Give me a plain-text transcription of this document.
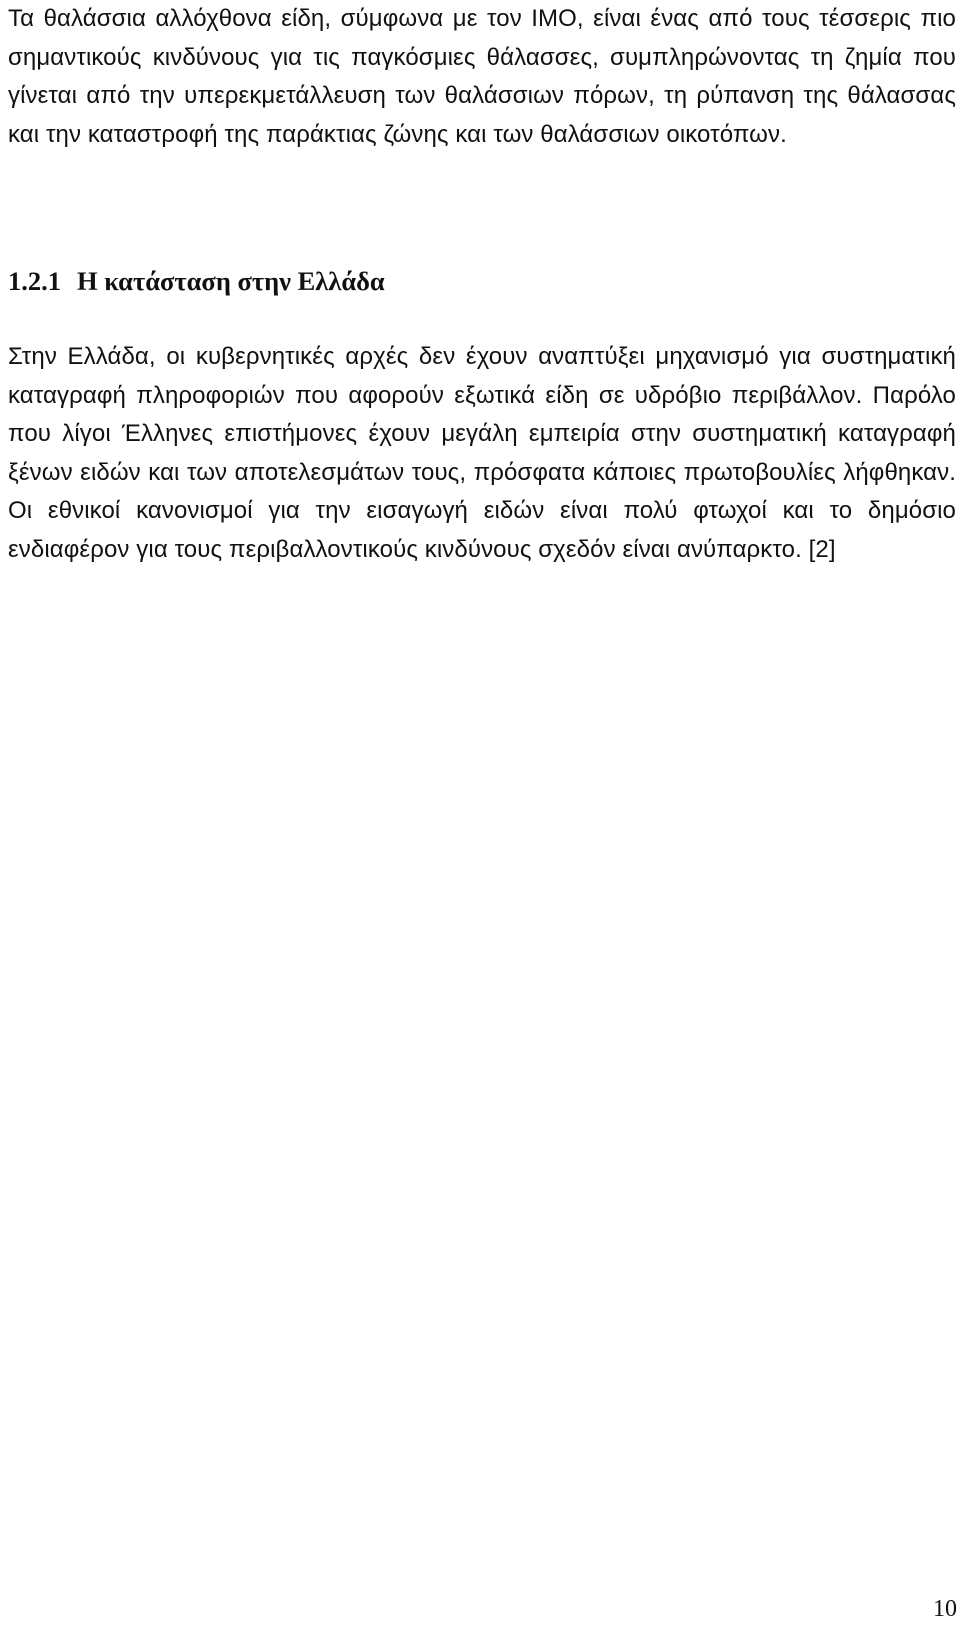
Τα θαλάσσια αλλόχθονα είδη, σύμφωνα με τον IMO, είναι ένας από τους τέσσερις πιο σημαντικούς κινδύνους για τις παγκόσμιες θάλασσες, συμπληρώνοντας τη ζημία που γίνεται από την υπερεκμετάλλευση των θαλάσσιων πόρων, τη ρύπανση της θάλασσας και την καταστροφή της παράκτιας ζώνης και των θαλάσσιων οικοτόπων.

1.2.1 Η κατάσταση στην Ελλάδα

Στην Ελλάδα, οι κυβερνητικές αρχές δεν έχουν αναπτύξει μηχανισμό για συστηματική καταγραφή πληροφοριών που αφορούν εξωτικά είδη σε υδρόβιο περιβάλλον. Παρόλο που λίγοι Έλληνες επιστήμονες έχουν μεγάλη εμπειρία στην συστηματική καταγραφή ξένων ειδών και των αποτελεσμάτων τους, πρόσφατα κάποιες πρωτοβουλίες λήφθηκαν. Οι εθνικοί κανονισμοί για την εισαγωγή ειδών είναι πολύ φτωχοί και το δημόσιο ενδιαφέρον για τους περιβαλλοντικούς κινδύνους σχεδόν είναι ανύπαρκτο. [2]

10
